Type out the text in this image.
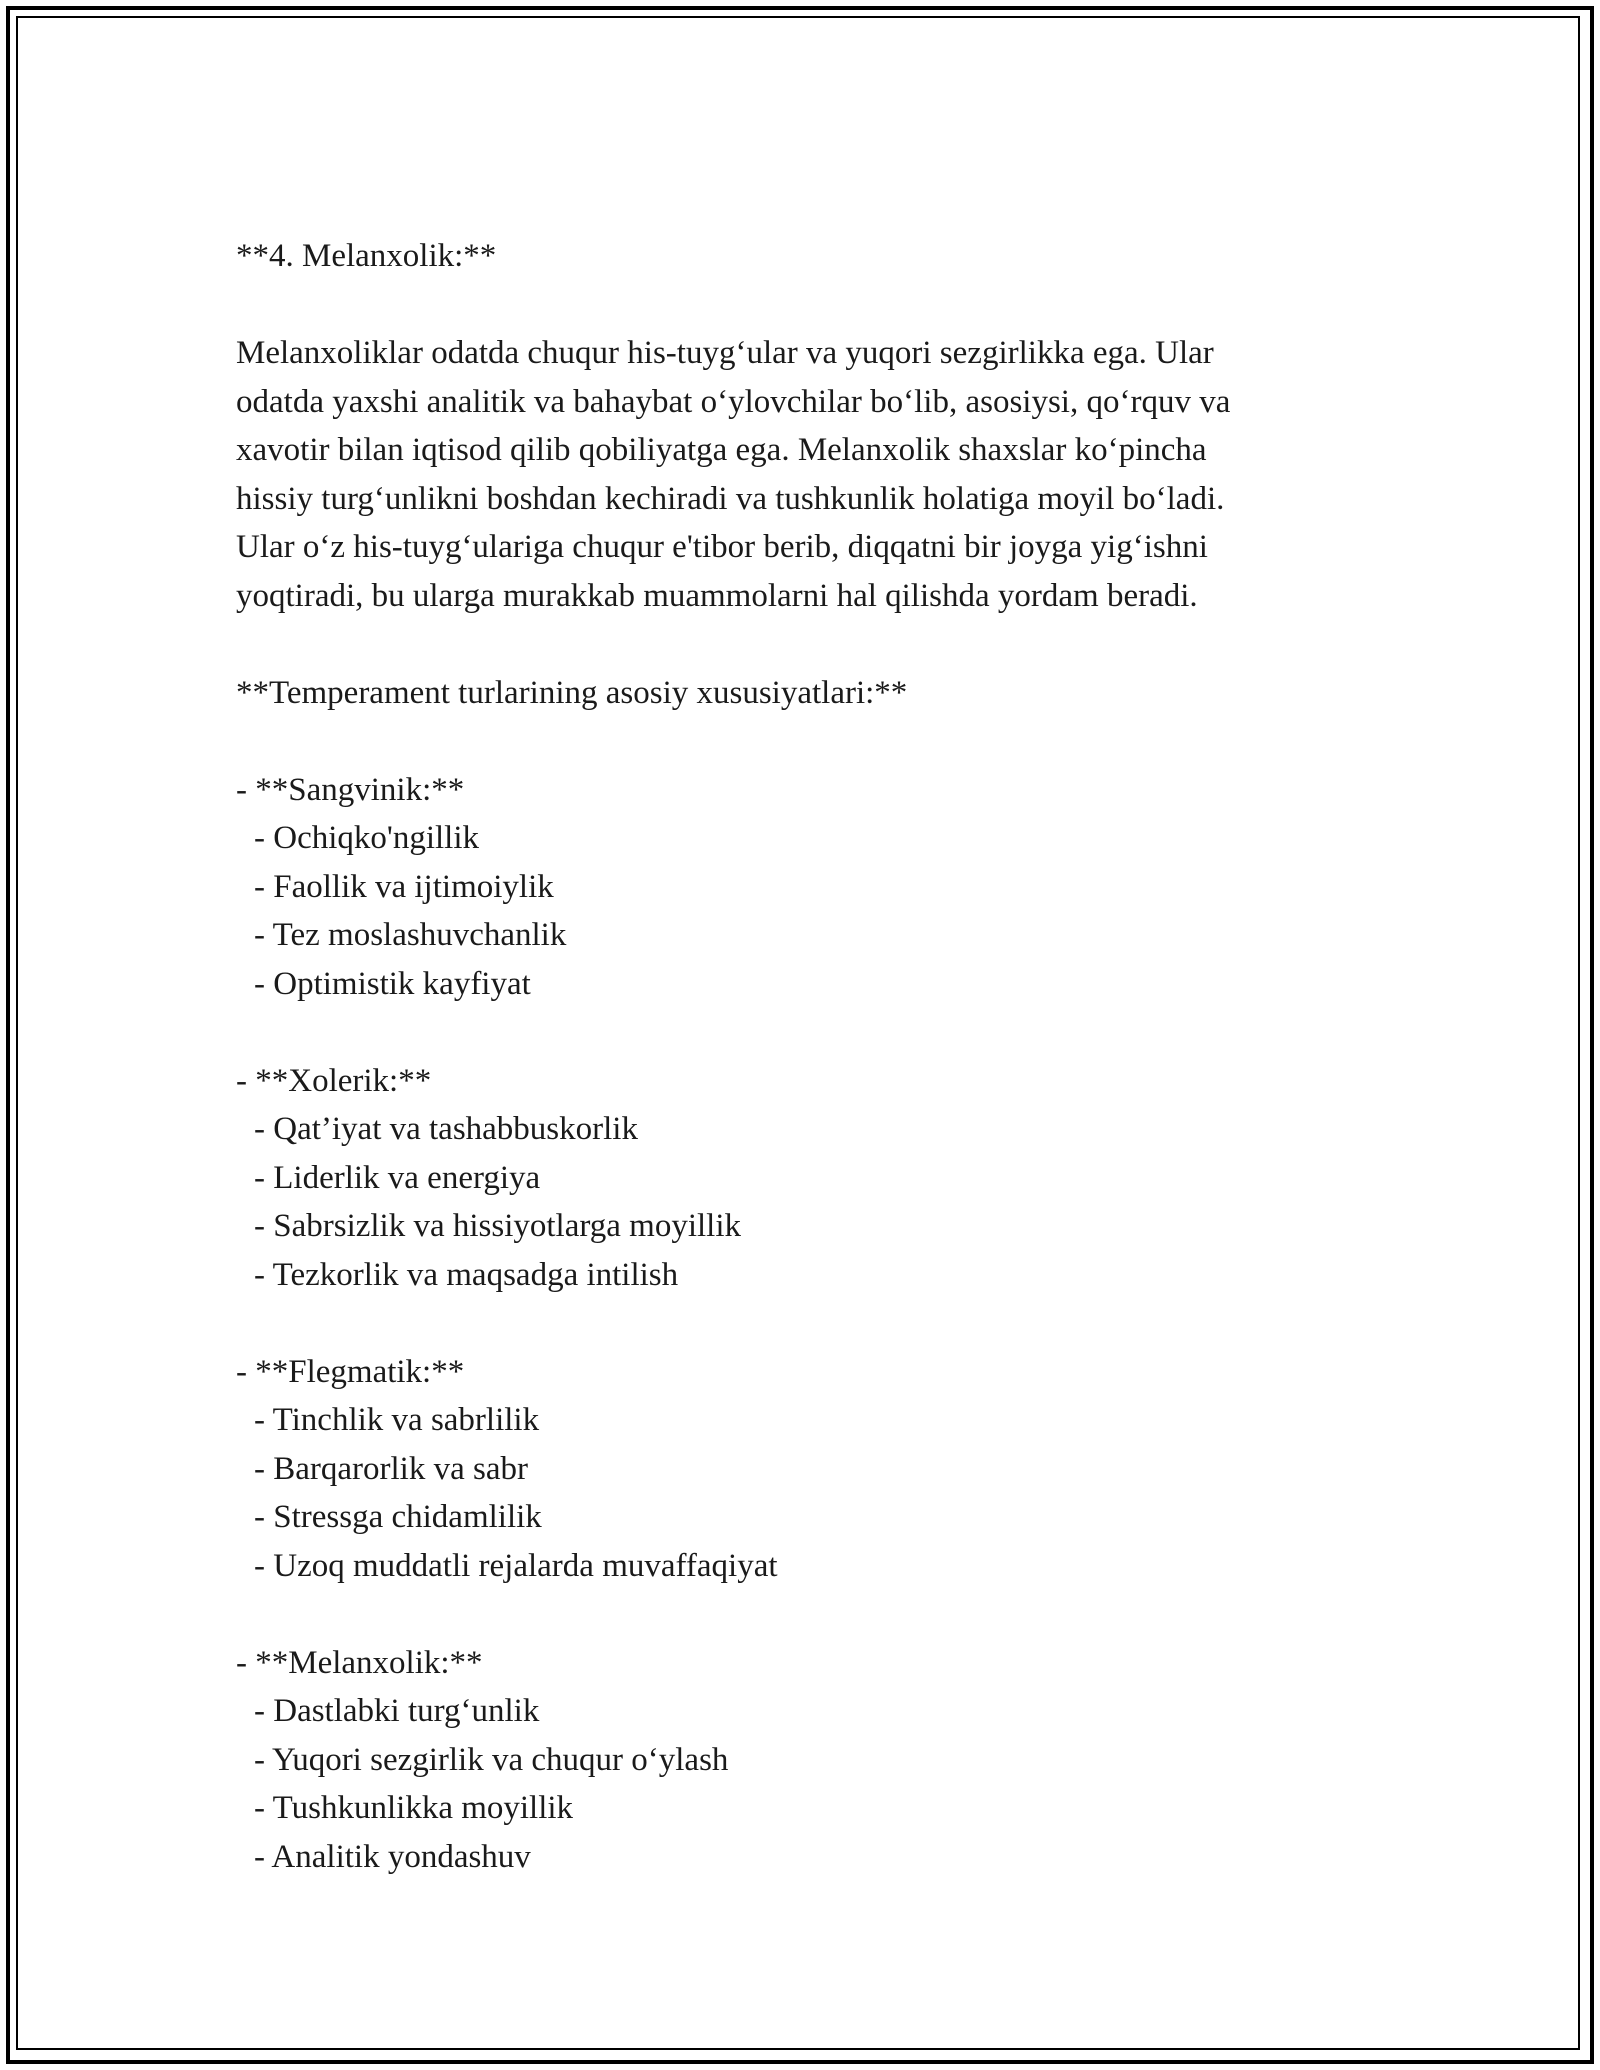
**4. Melanxolik:**
Melanxoliklar odatda chuqur his-tuyg‘ular va yuqori sezgirlikka ega. Ular
odatda yaxshi analitik va bahaybat o‘ylovchilar bo‘lib, asosiysi, qo‘rquv va
xavotir bilan iqtisod qilib qobiliyatga ega. Melanxolik shaxslar ko‘pincha
hissiy turg‘unlikni boshdan kechiradi va tushkunlik holatiga moyil bo‘ladi.
Ular o‘z his-tuyg‘ulariga chuqur e'tibor berib, diqqatni bir joyga yig‘ishni
yoqtiradi, bu ularga murakkab muammolarni hal qilishda yordam beradi.
**Temperament turlarining asosiy xususiyatlari:**
- **Sangvinik:**
- Ochiqko'ngillik
- Faollik va ijtimoiylik
- Tez moslashuvchanlik
- Optimistik kayfiyat
- **Xolerik:**
- Qat’iyat va tashabbuskorlik
- Liderlik va energiya
- Sabrsizlik va hissiyotlarga moyillik
- Tezkorlik va maqsadga intilish
- **Flegmatik:**
- Tinchlik va sabrlilik
- Barqarorlik va sabr
- Stressga chidamlilik
- Uzoq muddatli rejalarda muvaffaqiyat
- **Melanxolik:**
- Dastlabki turg‘unlik
- Yuqori sezgirlik va chuqur o‘ylash
- Tushkunlikka moyillik
- Analitik yondashuv
